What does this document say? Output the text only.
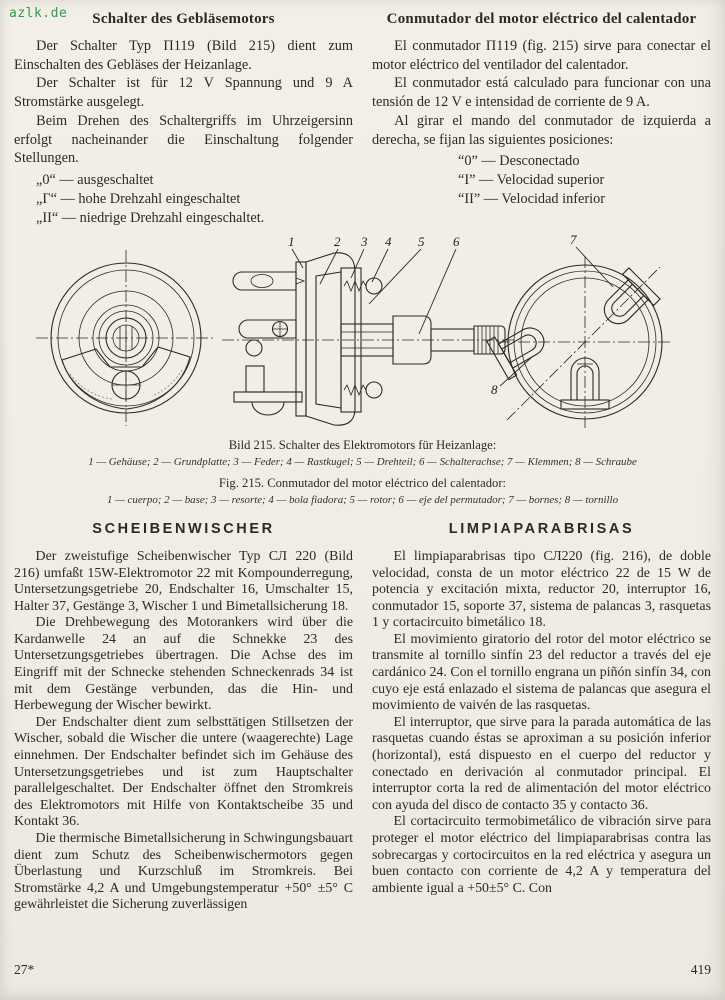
azlk.de	Schalter des Gebläsemotors

Der Schalter Typ П119 (Bild 215) dient zum Einschalten des Gebläses der Heizanlage.

Der Schalter ist für 12 V Spannung und 9 A Stromstärke ausgelegt.

Beim Drehen des Schaltergriffs im Uhrzeigersinn erfolgt nacheinander die Einschaltung folgender Stellungen.

„0“ — ausgeschaltet
„Г“ — hohe Drehzahl eingeschaltet
„II“ — niedrige Drehzahl eingeschaltet.
Conmutador del motor eléctrico del calentador

El conmutador П119 (fig. 215) sirve para conectar el motor eléctrico del ventilador del calentador.

El conmutador está calculado para funcionar con una tensión de 12 V e intensidad de corriente de 9 A.

Al girar el mando del conmutador de izquierda a derecha, se fijan las siguientes posiciones:

“0” — Desconectado
“I” — Velocidad superior
“II” — Velocidad inferior
1	2 3 4 5 6	7
8
Bild 215. Schalter des Elektromotors für Heizanlage:
1 — Gehäuse; 2 — Grundplatte; 3 — Feder; 4 — Rastkugel; 5 — Drehteil; 6 — Schalterachse; 7 — Klemmen; 8 — Schraube
Fig. 215. Conmutador del motor eléctrico del calentador:
1 — cuerpo; 2 — base; 3 — resorte; 4 — bola fiadora; 5 — rotor; 6 — eje del permutador; 7 — bornes; 8 — tornillo
SCHEIBENWISCHER

Der zweistufige Scheibenwischer Typ СЛ 220 (Bild 216) umfaßt 15W-Elektromotor 22 mit Kompounderregung, Untersetzungsgetriebe 20, Endschalter 16, Umschalter 15, Halter 37, Gestänge 3, Wischer 1 und Bimetallsicherung 18.

Die Drehbewegung des Motorankers wird über die Kardanwelle 24 an auf die Schnekke 23 des Untersetzungsgetriebes übertragen. Die Achse des im Eingriff mit der Schnecke stehenden Schneckenrads 34 ist mit dem Gestänge verbunden, das die Hin- und Herbewegung der Wischer bewirkt.

Der Endschalter dient zum selbsttätigen Stillsetzen der Wischer, sobald die Wischer die untere (waagerechte) Lage einnehmen. Der Endschalter befindet sich im Gehäuse des Untersetzungsgetriebes und ist zum Hauptschalter parallelgeschaltet. Der Endschalter öffnet den Stromkreis des Elektromotors mit Hilfe von Kontaktscheibe 35 und Kontakt 36.

Die thermische Bimetallsicherung in Schwingungsbauart dient zum Schutz des Scheibenwischermotors gegen Überlastung und Kurzschluß im Stromkreis. Bei Stromstärke 4,2 A und Umgebungstemperatur +50° ±5° C gewährleistet die Sicherung zuverlässigen

LIMPIAPARABRISAS

El limpiaparabrisas tipo СЛ220 (fig. 216), de doble velocidad, consta de un motor eléctrico 22 de 15 W de potencia y excitación mixta, reductor 20, interruptor 16, conmutador 15, soporte 37, sistema de palancas 3, rasquetas 1 y cortacircuito bimetálico 18.

El movimiento giratorio del rotor del motor eléctrico se transmite al tornillo sinfín 23 del reductor a través del eje cardánico 24. Con el tornillo engrana un piñón sinfín 34, con cuyo eje está enlazado el sistema de palancas que asegura el movimiento de vaivén de las rasquetas.

El interruptor, que sirve para la parada automática de las rasquetas cuando éstas se aproximan a su posición inferior (horizontal), está dispuesto en el cuerpo del reductor y conectado en derivación al conmutador principal. El interruptor corta la red de alimentación del motor eléctrico con ayuda del disco de contacto 35 y contacto 36.

El cortacircuito termobimetálico de vibración sirve para proteger el motor eléctrico del limpiaparabrisas contra las sobrecargas y cortocircuitos en la red eléctrica y asegura un buen contacto con corriente de 4,2 A y temperatura del ambiente igual a +50±5° C. Con

27*	419
